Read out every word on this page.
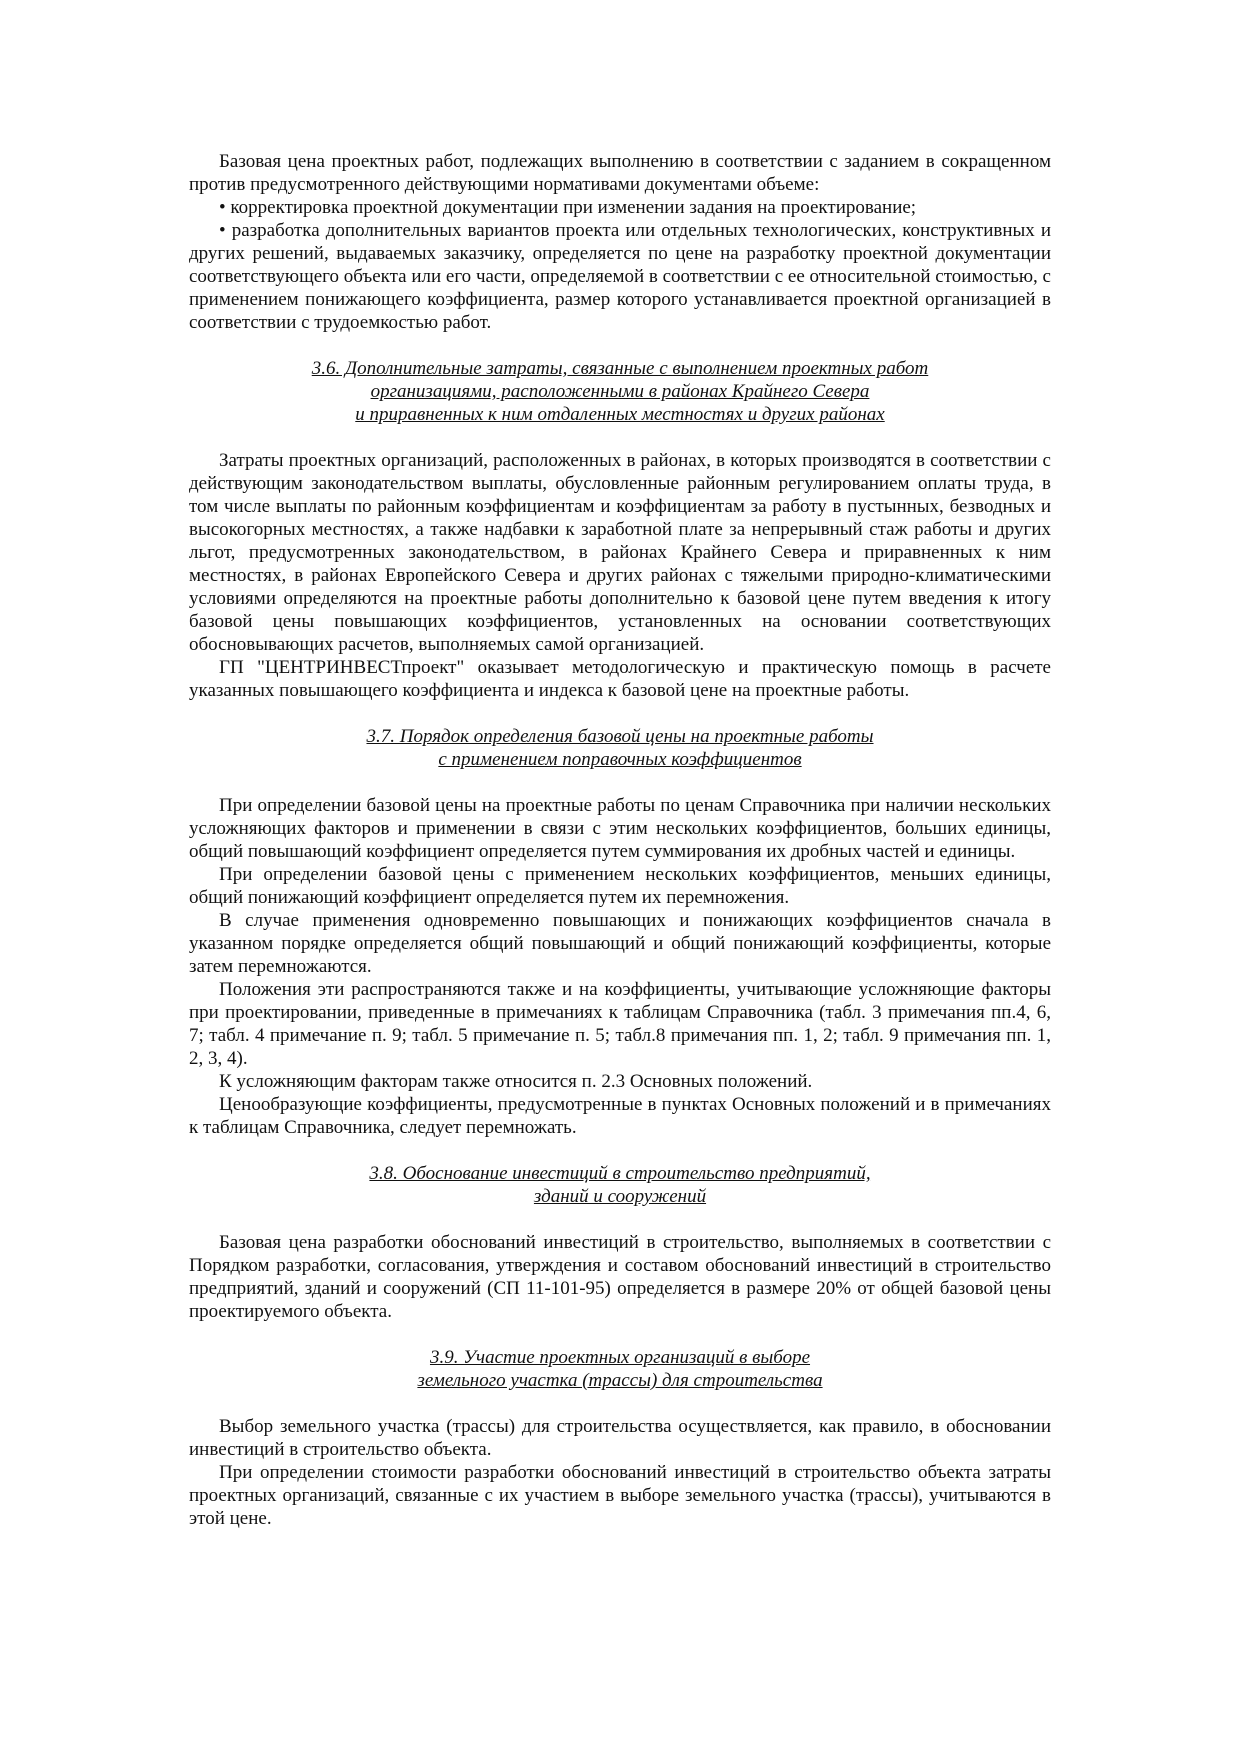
Базовая цена проектных работ, подлежащих выполнению в соответствии с заданием в сокращенном против предусмотренного действующими нормативами документами объеме:

• корректировка проектной документации при изменении задания на проектирование;

• разработка дополнительных вариантов проекта или отдельных технологических, конструктивных и других решений, выдаваемых заказчику, определяется по цене на разработку проектной документации соответствующего объекта или его части, определяемой в соответствии с ее относительной стоимостью, с применением понижающего коэффициента, размер которого устанавливается проектной организацией в соответствии с трудоемкостью работ.

3.6. Дополнительные затраты, связанные с выполнением проектных работ
организациями, расположенными в районах Крайнего Севера
и приравненных к ним отдаленных местностях и других районах

Затраты проектных организаций, расположенных в районах, в которых производятся в соответствии с действующим законодательством выплаты, обусловленные районным регулированием оплаты труда, в том числе выплаты по районным коэффициентам и коэффициентам за работу в пустынных, безводных и высокогорных местностях, а также надбавки к заработной плате за непрерывный стаж работы и других льгот, предусмотренных законодательством, в районах Крайнего Севера и приравненных к ним местностях, в районах Европейского Севера и других районах с тяжелыми природно-климатическими условиями определяются на проектные работы дополнительно к базовой цене путем введения к итогу базовой цены повышающих коэффициентов, установленных на основании соответствующих обосновывающих расчетов, выполняемых самой организацией.

ГП "ЦЕНТРИНВЕСТпроект" оказывает методологическую и практическую помощь в расчете указанных повышающего коэффициента и индекса к базовой цене на проектные работы.

3.7. Порядок определения базовой цены на проектные работы
с применением поправочных коэффициентов

При определении базовой цены на проектные работы по ценам Справочника при наличии нескольких усложняющих факторов и применении в связи с этим нескольких коэффициентов, больших единицы, общий повышающий коэффициент определяется путем суммирования их дробных частей и единицы.

При определении базовой цены с применением нескольких коэффициентов, меньших единицы, общий понижающий коэффициент определяется путем их перемножения.

В случае применения одновременно повышающих и понижающих коэффициентов сначала в указанном порядке определяется общий повышающий и общий понижающий коэффициенты, которые затем перемножаются.

Положения эти распространяются также и на коэффициенты, учитывающие усложняющие факторы при проектировании, приведенные в примечаниях к таблицам Справочника (табл. 3 примечания пп.4, 6, 7; табл. 4 примечание п. 9; табл. 5 примечание п. 5; табл.8 примечания пп. 1, 2; табл. 9 примечания пп. 1, 2, 3, 4).

К усложняющим факторам также относится п. 2.3 Основных положений.

Ценообразующие коэффициенты, предусмотренные в пунктах Основных положений и в примечаниях к таблицам Справочника, следует перемножать.

3.8. Обоснование инвестиций в строительство предприятий,
зданий и сооружений

Базовая цена разработки обоснований инвестиций в строительство, выполняемых в соответствии с Порядком разработки, согласования, утверждения и составом обоснований инвестиций в строительство предприятий, зданий и сооружений (СП 11-101-95) определяется в размере 20% от общей базовой цены проектируемого объекта.

3.9. Участие проектных организаций в выборе
земельного участка (трассы) для строительства

Выбор земельного участка (трассы) для строительства осуществляется, как правило, в обосновании инвестиций в строительство объекта.

При определении стоимости разработки обоснований инвестиций в строительство объекта затраты проектных организаций, связанные с их участием в выборе земельного участка (трассы), учитываются в этой цене.
